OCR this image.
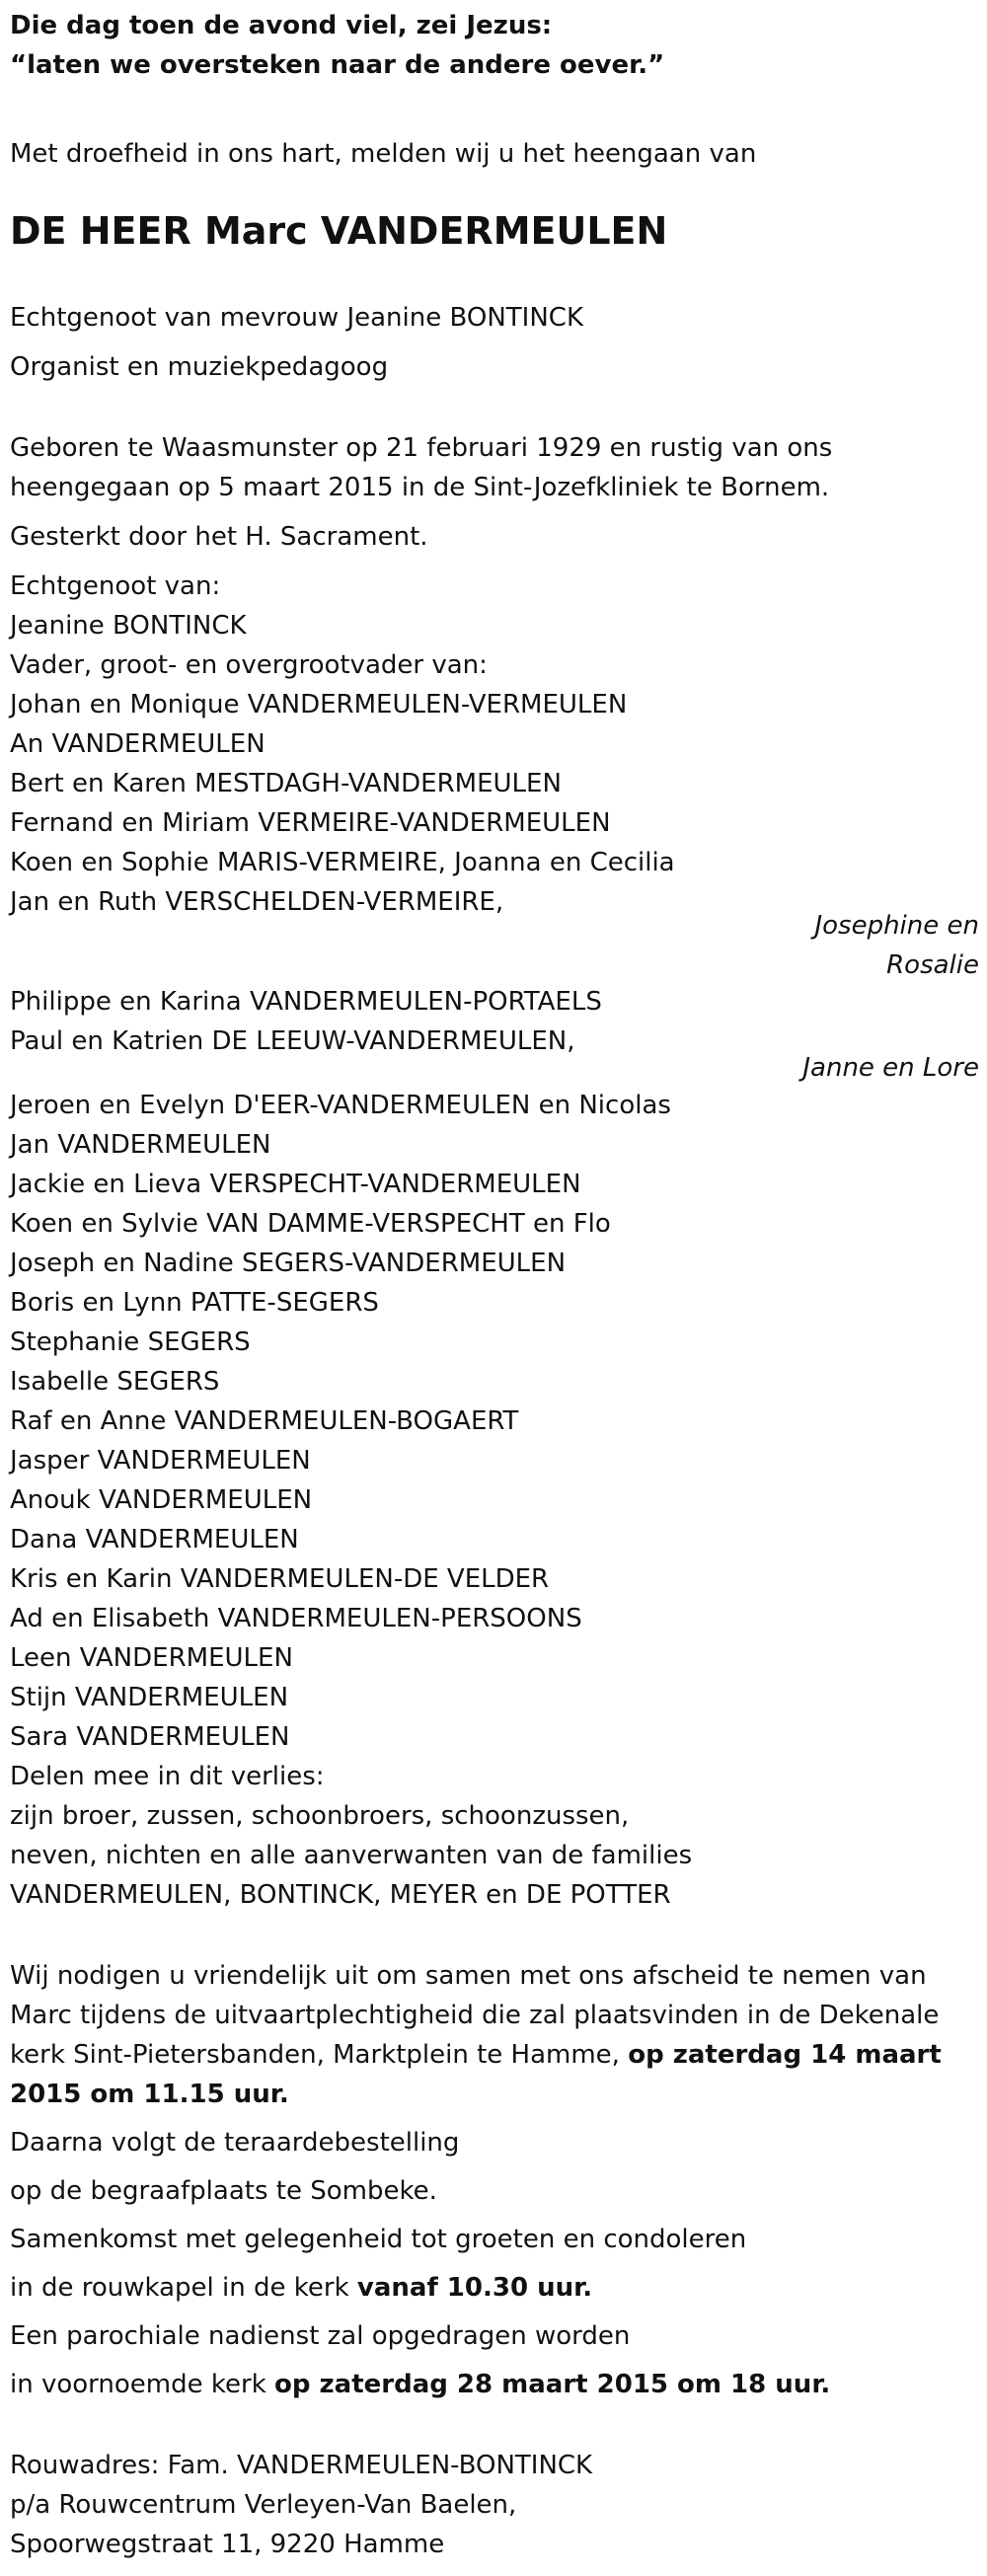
Die dag toen de avond viel, zei Jezus:
“laten we oversteken naar de andere oever.”
Met droefheid in ons hart, melden wij u het heengaan van
DE HEER Marc VANDERMEULEN
Echtgenoot van mevrouw Jeanine BONTINCK
Organist en muziekpedagoog
Geboren te Waasmunster op 21 februari 1929 en rustig van ons
heengegaan op 5 maart 2015 in de Sint-Jozefkliniek te Bornem.
Gesterkt door het H. Sacrament.
Echtgenoot van:
Jeanine BONTINCK
Vader, groot- en overgrootvader van:
Johan en Monique VANDERMEULEN-VERMEULEN
An VANDERMEULEN
Bert en Karen MESTDAGH-VANDERMEULEN
Fernand en Miriam VERMEIRE-VANDERMEULEN
Koen en Sophie MARIS-VERMEIRE, Joanna en Cecilia
Jan en Ruth VERSCHELDEN-VERMEIRE,
Josephine en
Rosalie
Philippe en Karina VANDERMEULEN-PORTAELS
Paul en Katrien DE LEEUW-VANDERMEULEN,
Janne en Lore
Jeroen en Evelyn D'EER-VANDERMEULEN en Nicolas
Jan VANDERMEULEN
Jackie en Lieva VERSPECHT-VANDERMEULEN
Koen en Sylvie VAN DAMME-VERSPECHT en Flo
Joseph en Nadine SEGERS-VANDERMEULEN
Boris en Lynn PATTE-SEGERS
Stephanie SEGERS
Isabelle SEGERS
Raf en Anne VANDERMEULEN-BOGAERT
Jasper VANDERMEULEN
Anouk VANDERMEULEN
Dana VANDERMEULEN
Kris en Karin VANDERMEULEN-DE VELDER
Ad en Elisabeth VANDERMEULEN-PERSOONS
Leen VANDERMEULEN
Stijn VANDERMEULEN
Sara VANDERMEULEN
Delen mee in dit verlies:
zijn broer, zussen, schoonbroers, schoonzussen,
neven, nichten en alle aanverwanten van de families
VANDERMEULEN, BONTINCK, MEYER en DE POTTER
Wij nodigen u vriendelijk uit om samen met ons afscheid te nemen van
Marc tijdens de uitvaartplechtigheid die zal plaatsvinden in de Dekenale
kerk Sint-Pietersbanden, Marktplein te Hamme, op zaterdag 14 maart
2015 om 11.15 uur.
Daarna volgt de teraardebestelling
op de begraafplaats te Sombeke.
Samenkomst met gelegenheid tot groeten en condoleren
in de rouwkapel in de kerk vanaf 10.30 uur.
Een parochiale nadienst zal opgedragen worden
in voornoemde kerk op zaterdag 28 maart 2015 om 18 uur.
Rouwadres: Fam. VANDERMEULEN-BONTINCK
p/a Rouwcentrum Verleyen-Van Baelen,
Spoorwegstraat 11, 9220 Hamme
